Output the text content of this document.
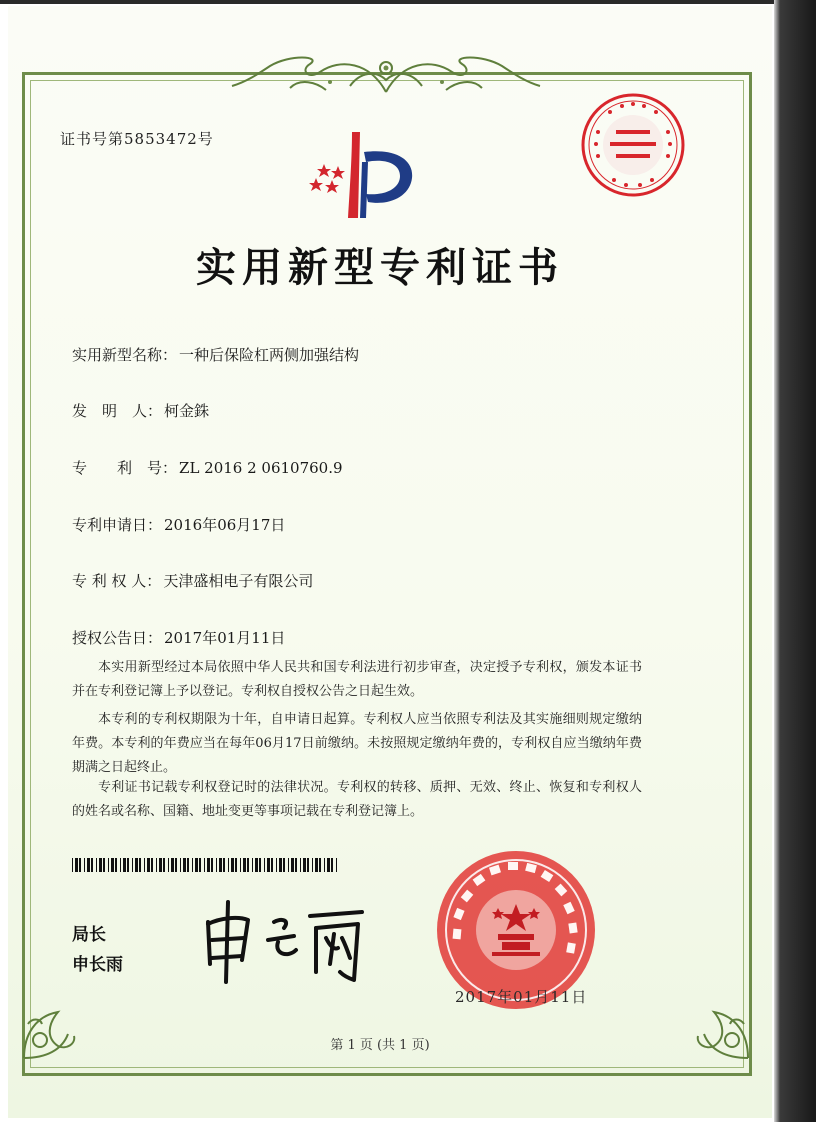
证书号第5853472号
实用新型专利证书
实用新型名称： 一种后保险杠两侧加强结构
发　明　人： 柯金銖
专　　利　号： ZL 2016 2 0610760.9
专利申请日： 2016年06月17日
专 利 权 人： 天津盛相电子有限公司
授权公告日： 2017年01月11日
本实用新型经过本局依照中华人民共和国专利法进行初步审查，决定授予专利权，颁发本证书并在专利登记簿上予以登记。专利权自授权公告之日起生效。
本专利的专利权期限为十年，自申请日起算。专利权人应当依照专利法及其实施细则规定缴纳年费。本专利的年费应当在每年06月17日前缴纳。未按照规定缴纳年费的，专利权自应当缴纳年费期满之日起终止。
专利证书记载专利权登记时的法律状况。专利权的转移、质押、无效、终止、恢复和专利权人的姓名或名称、国籍、地址变更等事项记载在专利登记簿上。
局长
申长雨
2017年01月11日
第 1 页 (共 1 页)
